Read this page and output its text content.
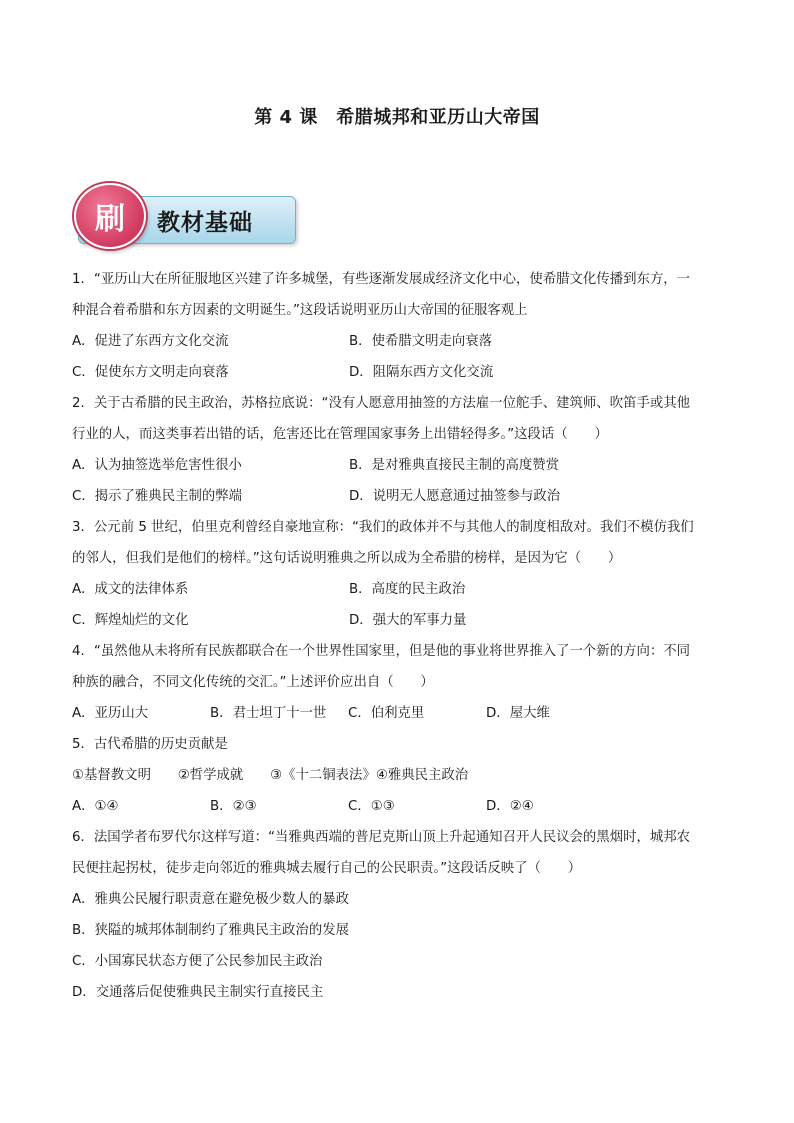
第 4 课　希腊城邦和亚历山大帝国
刷	教材基础
1．“亚历山大在所征服地区兴建了许多城堡，有些逐渐发展成经济文化中心，使希腊文化传播到东方，一
种混合着希腊和东方因素的文明诞生。”这段话说明亚历山大帝国的征服客观上
A．促进了东西方文化交流	B．使希腊文明走向衰落
C．促使东方文明走向衰落	D．阻隔东西方文化交流
2．关于古希腊的民主政治，苏格拉底说：“没有人愿意用抽签的方法雇一位舵手、建筑师、吹笛手或其他
行业的人，而这类事若出错的话，危害还比在管理国家事务上出错轻得多。”这段话（　　）
A．认为抽签选举危害性很小	B．是对雅典直接民主制的高度赞赏
C．揭示了雅典民主制的弊端	D．说明无人愿意通过抽签参与政治
3．公元前 5 世纪，伯里克利曾经自豪地宣称：“我们的政体并不与其他人的制度相敌对。我们不模仿我们
的邻人，但我们是他们的榜样。”这句话说明雅典之所以成为全希腊的榜样，是因为它（　　）
A．成文的法律体系	B．高度的民主政治
C．辉煌灿烂的文化	D．强大的军事力量
4．“虽然他从未将所有民族都联合在一个世界性国家里，但是他的事业将世界推入了一个新的方向：不同
种族的融合，不同文化传统的交汇。”上述评价应出自（　　）
A．亚历山大	B．君士坦丁十一世	C．伯利克里	D．屋大维
5．古代希腊的历史贡献是
①基督教文明　　②哲学成就　　③《十二铜表法》④雅典民主政治
A．①④	B．②③	C．①③	D．②④
6．法国学者布罗代尔这样写道：“当雅典西端的普尼克斯山顶上升起通知召开人民议会的黑烟时，城邦农
民便拄起拐杖，徒步走向邻近的雅典城去履行自己的公民职责。”这段话反映了（　　）
A．雅典公民履行职责意在避免极少数人的暴政
B．狭隘的城邦体制制约了雅典民主政治的发展
C．小国寡民状态方便了公民参加民主政治
D．交通落后促使雅典民主制实行直接民主
